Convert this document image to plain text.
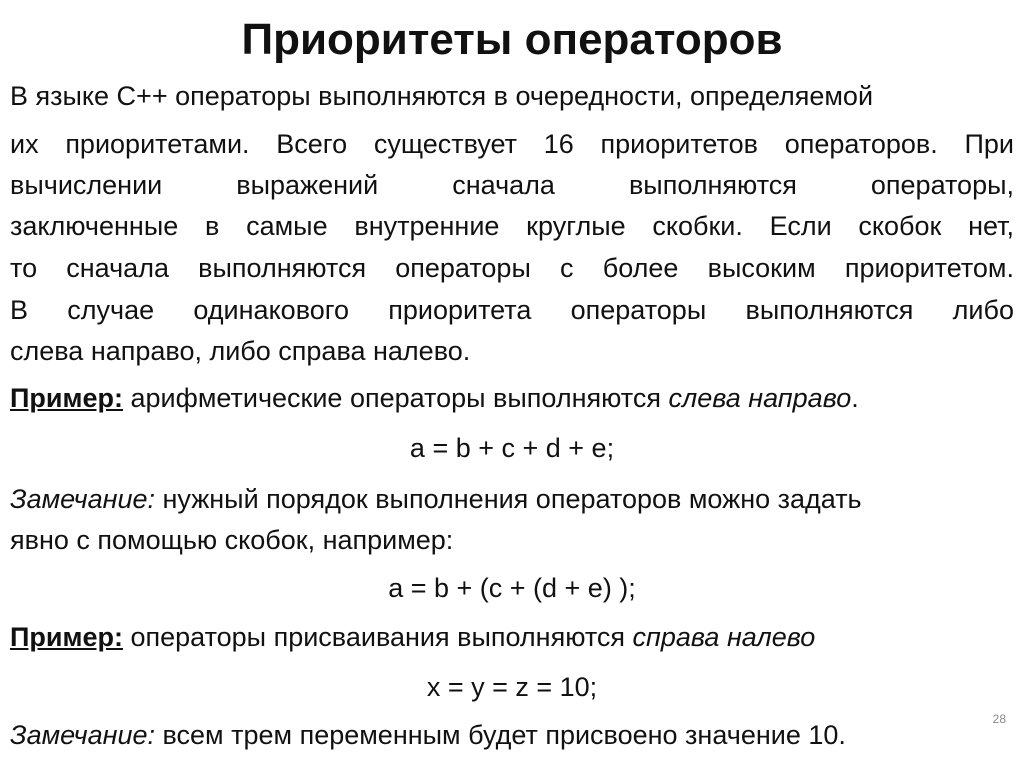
Приоритеты операторов
В языке С++ операторы выполняются в очередности, определяемой
их приоритетами. Всего существует 16 приоритетов операторов. При
вычислении выражений сначала выполняются операторы,
заключенные в самые внутренние круглые скобки. Если скобок нет,
то сначала выполняются операторы с более высоким приоритетом.
В случае одинакового приоритета операторы выполняются либо
слева направо, либо справа налево.
Пример: арифметические операторы выполняются слева направо.
a = b + c + d + e;
Замечание: нужный порядок выполнения операторов можно задать
явно с помощью скобок, например:
a = b + (c + (d + e) );
Пример: операторы присваивания выполняются справа налево
x = y = z = 10;
Замечание: всем трем переменным будет присвоено значение 10.
28
